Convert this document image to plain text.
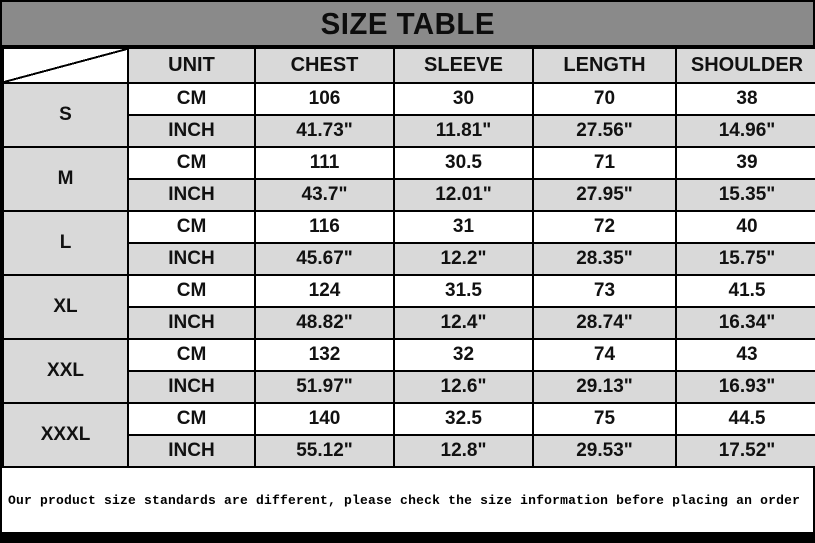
SIZE TABLE
	UNIT	CHEST	SLEEVE	LENGTH	SHOULDER
S	CM	106	30	70	38
	INCH	41.73"	11.81"	27.56"	14.96"
M	CM	111	30.5	71	39
	INCH	43.7"	12.01"	27.95"	15.35"
L	CM	116	31	72	40
	INCH	45.67"	12.2"	28.35"	15.75"
XL	CM	124	31.5	73	41.5
	INCH	48.82"	12.4"	28.74"	16.34"
XXL	CM	132	32	74	43
	INCH	51.97"	12.6"	29.13"	16.93"
XXXL	CM	140	32.5	75	44.5
	INCH	55.12"	12.8"	29.53"	17.52"
Our product size standards are different, please check the size information before placing an order
